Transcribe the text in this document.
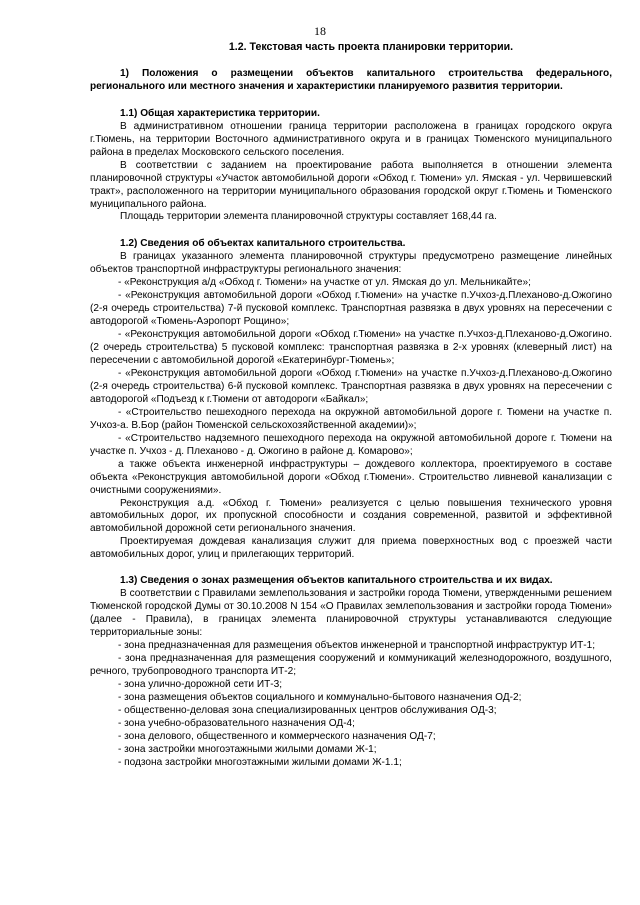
18
1.2. Текстовая часть проекта планировки территории.

1) Положения о размещении объектов капитального строительства федерального, регионального или местного значения и характеристики планируемого развития территории.

1.1) Общая характеристика территории.

В административном отношении граница территории расположена в границах городского округа г.Тюмень, на территории Восточного административного округа и в границах Тюменского муниципального района в пределах Московского сельского поселения.

В соответствии с заданием на проектирование работа выполняется в отношении элемента планировочной структуры «Участок автомобильной дороги «Обход г. Тюмени» ул. Ямская - ул. Червишевский тракт», расположенного на территории муниципального образования городской округ г.Тюмень и Тюменского муниципального района.

Площадь территории элемента планировочной структуры составляет 168,44 га.

1.2) Сведения об объектах капитального строительства.

В границах указанного элемента планировочной структуры предусмотрено размещение линейных объектов транспортной инфраструктуры регионального значения:

- «Реконструкция а/д «Обход г. Тюмени» на участке от ул. Ямская до ул. Мельникайте»;

- «Реконструкция автомобильной дороги «Обход г.Тюмени» на участке п.Учхоз-д.Плеханово-д.Ожогино (2-я очередь строительства) 7-й пусковой комплекс. Транспортная развязка в двух уровнях на пересечении с автодорогой «Тюмень-Аэропорт Рощино»;

- «Реконструкция автомобильной дороги «Обход г.Тюмени» на участке п.Учхоз-д.Плеханово-д.Ожогино. (2 очередь строительства) 5 пусковой комплекс: транспортная развязка в 2-х уровнях (клеверный лист) на пересечении с автомобильной дорогой «Екатеринбург-Тюмень»;

- «Реконструкция автомобильной дороги «Обход г.Тюмени» на участке п.Учхоз-д.Плеханово-д.Ожогино (2-я очередь строительства) 6-й пусковой комплекс. Транспортная развязка в двух уровнях на пересечении с автодорогой «Подъезд к г.Тюмени от автодороги «Байкал»;

- «Строительство пешеходного перехода на окружной автомобильной дороге г. Тюмени на участке п. Учхоз-а. В.Бор (район Тюменской сельскохозяйственной академии)»;

- «Строительство надземного пешеходного перехода на окружной автомобильной дороге г. Тюмени на участке п. Учхоз - д. Плеханово - д. Ожогино в районе д. Комарово»;

а также объекта инженерной инфраструктуры – дождевого коллектора, проектируемого в составе объекта «Реконструкция автомобильной дороги «Обход г.Тюмени». Строительство ливневой канализации с очистными сооружениями».

Реконструкция а.д. «Обход г. Тюмени» реализуется с целью повышения технического уровня автомобильных дорог, их пропускной способности и создания современной, развитой и эффективной автомобильной дорожной сети регионального значения.

Проектируемая дождевая канализация служит для приема поверхностных вод с проезжей части автомобильных дорог, улиц и прилегающих территорий.

1.3) Сведения о зонах размещения объектов капитального строительства и их видах.

В соответствии с Правилами землепользования и застройки города Тюмени, утвержденными решением Тюменской городской Думы от 30.10.2008 N 154 «О Правилах землепользования и застройки города Тюмени» (далее - Правила), в границах элемента планировочной структуры устанавливаются следующие территориальные зоны:

- зона предназначенная для размещения объектов инженерной и транспортной инфраструктур ИТ-1;

- зона предназначенная для размещения сооружений и коммуникаций железнодорожного, воздушного, речного, трубопроводного транспорта ИТ-2;

- зона улично-дорожной сети ИТ-3;

- зона размещения объектов социального и коммунально-бытового назначения ОД-2;

- общественно-деловая зона специализированных центров обслуживания ОД-3;

- зона учебно-образовательного назначения ОД-4;

- зона делового, общественного и коммерческого назначения ОД-7;

- зона застройки многоэтажными жилыми домами Ж-1;

- подзона застройки многоэтажными жилыми домами Ж-1.1;
